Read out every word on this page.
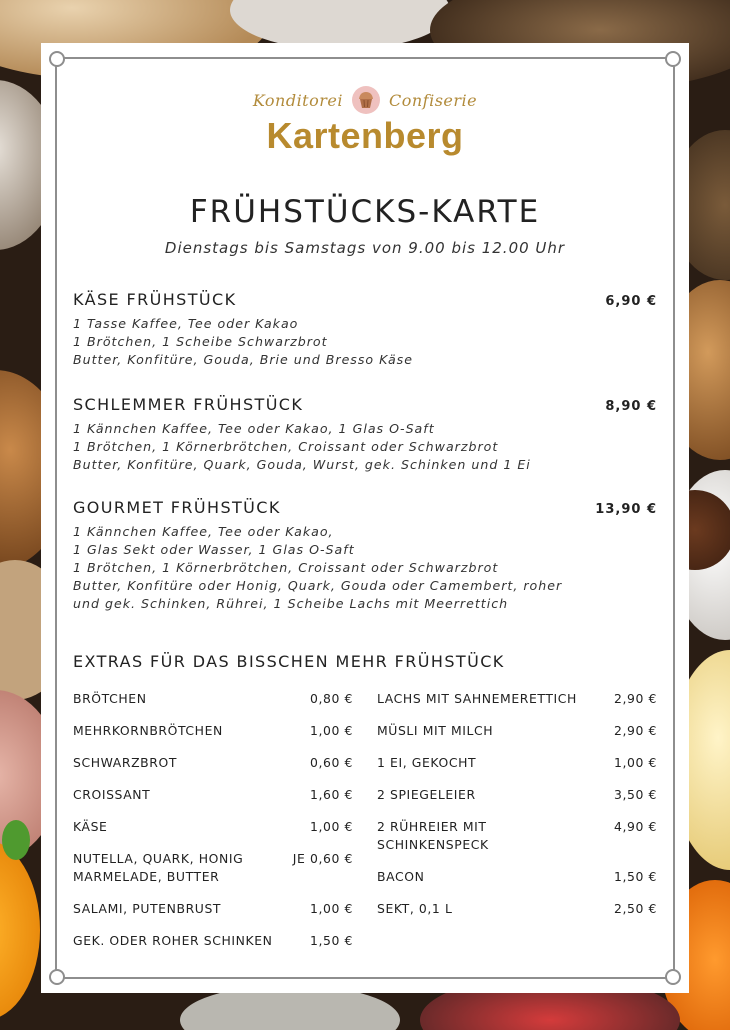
Konditorei	Confiserie
Kartenberg
FRÜHSTÜCKS-KARTE
Dienstags bis Samstags von 9.00 bis 12.00 Uhr
KÄSE FRÜHSTÜCK	6,90 €
1 Tasse Kaffee, Tee oder Kakao
1 Brötchen, 1 Scheibe Schwarzbrot
Butter, Konfitüre, Gouda, Brie und Bresso Käse
SCHLEMMER FRÜHSTÜCK	8,90 €
1 Kännchen Kaffee, Tee oder Kakao, 1 Glas O-Saft
1 Brötchen, 1 Körnerbrötchen, Croissant oder Schwarzbrot
Butter, Konfitüre, Quark, Gouda, Wurst, gek. Schinken und 1 Ei
GOURMET FRÜHSTÜCK	13,90 €
1 Kännchen Kaffee, Tee oder Kakao,
1 Glas Sekt oder Wasser, 1 Glas O-Saft
1 Brötchen, 1 Körnerbrötchen, Croissant oder Schwarzbrot
Butter, Konfitüre oder Honig, Quark, Gouda oder Camembert, roher
und gek. Schinken, Rührei, 1 Scheibe Lachs mit Meerrettich
EXTRAS FÜR DAS BISSCHEN MEHR FRÜHSTÜCK
BRÖTCHEN	0,80 €
MEHRKORNBRÖTCHEN	1,00 €
SCHWARZBROT	0,60 €
CROISSANT	1,60 €
KÄSE	1,00 €
NUTELLA, QUARK, HONIG
MARMELADE, BUTTER
JE 0,60 €
SALAMI, PUTENBRUST	1,00 €
GEK. ODER ROHER SCHINKEN	1,50 €
LACHS MIT SAHNEMERETTICH	2,90 €
MÜSLI MIT MILCH	2,90 €
1 EI, GEKOCHT	1,00 €
2 SPIEGELEIER	3,50 €
2 RÜHREIER MIT
SCHINKENSPECK
4,90 €
BACON	1,50 €
SEKT, 0,1 L	2,50 €
